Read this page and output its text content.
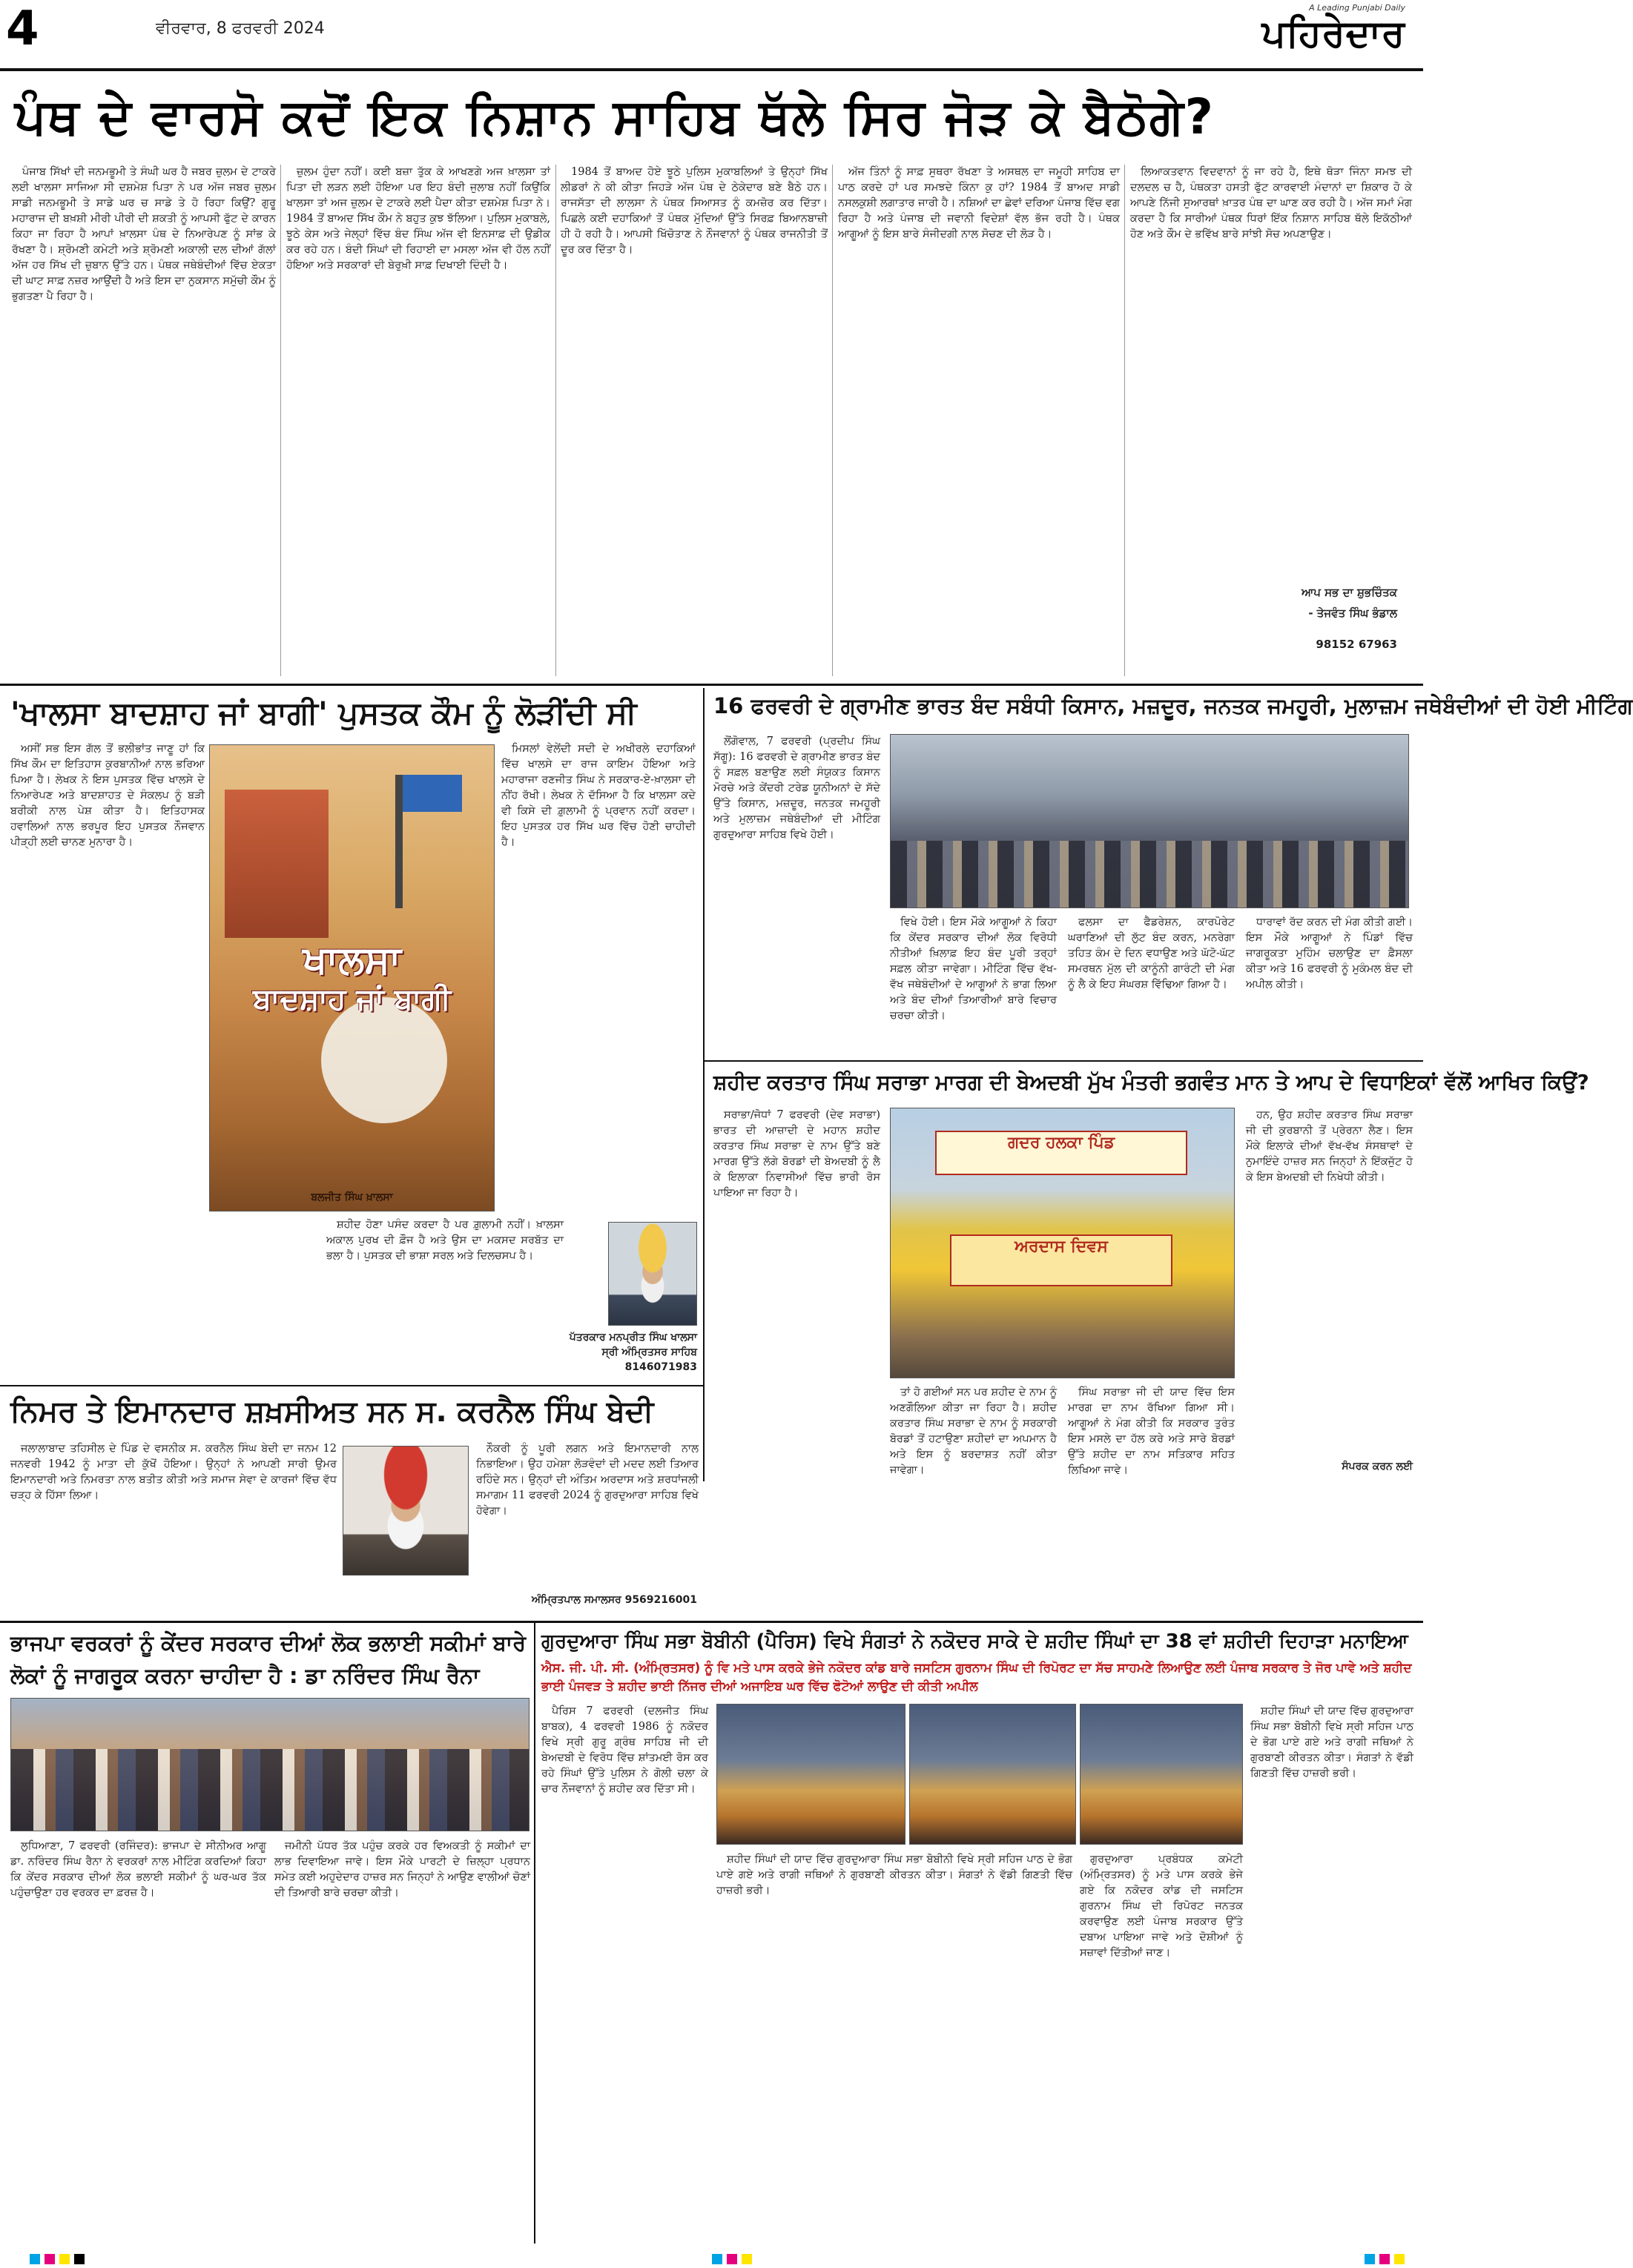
4	ਵੀਰਵਾਰ, 8 ਫਰਵਰੀ 2024
A Leading Punjabi Daily
ਪਹਿਰੇਦਾਰ
ਪੰਥ ਦੇ ਵਾਰਸੋ ਕਦੋਂ ਇਕ ਨਿਸ਼ਾਨ ਸਾਹਿਬ ਥੱਲੇ ਸਿਰ ਜੋੜ ਕੇ ਬੈਠੋਗੇ?

ਪੰਜਾਬ ਸਿੱਖਾਂ ਦੀ ਜਨਮਭੂਮੀ ਤੇ ਸੰਘੀ ਘਰ ਹੈ ਜਬਰ ਜ਼ੁਲਮ ਦੇ ਟਾਕਰੇ ਲਈ ਖਾਲਸਾ ਸਾਜਿਆ ਸੀ ਦਸ਼ਮੇਸ਼ ਪਿਤਾ ਨੇ ਪਰ ਅੱਜ ਜਬਰ ਜ਼ੁਲਮ ਸਾਡੀ ਜਨਮਭੂਮੀ ਤੇ ਸਾਡੇ ਘਰ ਚ ਸਾਡੇ ਤੇ ਹੋ ਰਿਹਾ ਕਿਉਂ? ਗੁਰੂ ਮਹਾਰਾਜ ਦੀ ਬਖ਼ਸ਼ੀ ਮੀਰੀ ਪੀਰੀ ਦੀ ਸ਼ਕਤੀ ਨੂੰ ਆਪਸੀ ਫੁੱਟ ਦੇ ਕਾਰਨ ਕਿਹਾ ਜਾ ਰਿਹਾ ਹੈ ਆਪਾਂ ਖ਼ਾਲਸਾ ਪੰਥ ਦੇ ਨਿਆਰੇਪਣ ਨੂੰ ਸਾਂਭ ਕੇ ਰੱਖਣਾ ਹੈ। ਸ਼੍ਰੋਮਣੀ ਕਮੇਟੀ ਅਤੇ ਸ਼੍ਰੋਮਣੀ ਅਕਾਲੀ ਦਲ ਦੀਆਂ ਗੱਲਾਂ ਅੱਜ ਹਰ ਸਿੱਖ ਦੀ ਜ਼ੁਬਾਨ ਉੱਤੇ ਹਨ। ਪੰਥਕ ਜਥੇਬੰਦੀਆਂ ਵਿੱਚ ਏਕਤਾ ਦੀ ਘਾਟ ਸਾਫ਼ ਨਜ਼ਰ ਆਉਂਦੀ ਹੈ ਅਤੇ ਇਸ ਦਾ ਨੁਕਸਾਨ ਸਮੁੱਚੀ ਕੌਮ ਨੂੰ ਭੁਗਤਣਾ ਪੈ ਰਿਹਾ ਹੈ।

ਜ਼ੁਲਮ ਹੁੰਦਾ ਨਹੀਂ। ਕਈ ਬਜ਼ਾ ਤੁੱਕ ਕੇ ਆਖਣਗੇ ਅਜ ਖ਼ਾਲਸਾ ਤਾਂ ਪਿਤਾ ਦੀ ਲੜਨ ਲਈ ਹੋਇਆ ਪਰ ਇਹ ਬੰਦੀ ਜੁਲਾਬ ਨਹੀਂ ਕਿਉਂਕਿ ਖਾਲਸਾ ਤਾਂ ਅਜ ਜ਼ੁਲਮ ਦੇ ਟਾਕਰੇ ਲਈ ਪੈਦਾ ਕੀਤਾ ਦਸ਼ਮੇਸ਼ ਪਿਤਾ ਨੇ। 1984 ਤੋਂ ਬਾਅਦ ਸਿੱਖ ਕੌਮ ਨੇ ਬਹੁਤ ਕੁਝ ਝੱਲਿਆ। ਪੁਲਿਸ ਮੁਕਾਬਲੇ, ਝੂਠੇ ਕੇਸ ਅਤੇ ਜੇਲ੍ਹਾਂ ਵਿੱਚ ਬੰਦ ਸਿੰਘ ਅੱਜ ਵੀ ਇਨਸਾਫ਼ ਦੀ ਉਡੀਕ ਕਰ ਰਹੇ ਹਨ। ਬੰਦੀ ਸਿੰਘਾਂ ਦੀ ਰਿਹਾਈ ਦਾ ਮਸਲਾ ਅੱਜ ਵੀ ਹੱਲ ਨਹੀਂ ਹੋਇਆ ਅਤੇ ਸਰਕਾਰਾਂ ਦੀ ਬੇਰੁਖ਼ੀ ਸਾਫ਼ ਦਿਖਾਈ ਦਿੰਦੀ ਹੈ।

1984 ਤੋਂ ਬਾਅਦ ਹੋਏ ਝੂਠੇ ਪੁਲਿਸ ਮੁਕਾਬਲਿਆਂ ਤੇ ਉਨ੍ਹਾਂ ਸਿੱਖ ਲੀਡਰਾਂ ਨੇ ਕੀ ਕੀਤਾ ਜਿਹੜੇ ਅੱਜ ਪੰਥ ਦੇ ਠੇਕੇਦਾਰ ਬਣੇ ਬੈਠੇ ਹਨ। ਰਾਜਸੱਤਾ ਦੀ ਲਾਲਸਾ ਨੇ ਪੰਥਕ ਸਿਆਸਤ ਨੂੰ ਕਮਜ਼ੋਰ ਕਰ ਦਿੱਤਾ। ਪਿਛਲੇ ਕਈ ਦਹਾਕਿਆਂ ਤੋਂ ਪੰਥਕ ਮੁੱਦਿਆਂ ਉੱਤੇ ਸਿਰਫ਼ ਬਿਆਨਬਾਜ਼ੀ ਹੀ ਹੋ ਰਹੀ ਹੈ। ਆਪਸੀ ਖਿੱਚੋਤਾਣ ਨੇ ਨੌਜਵਾਨਾਂ ਨੂੰ ਪੰਥਕ ਰਾਜਨੀਤੀ ਤੋਂ ਦੂਰ ਕਰ ਦਿੱਤਾ ਹੈ।

ਅੱਜ ਤਿੰਨਾਂ ਨੂੰ ਸਾਫ਼ ਸੁਥਰਾ ਰੱਖਣਾ ਤੇ ਅਸਥਲ ਦਾ ਜਮੂਹੀ ਸਾਹਿਬ ਦਾ ਪਾਠ ਕਰਦੇ ਹਾਂ ਪਰ ਸਮਝਦੇ ਕਿੰਨਾ ਕੁ ਹਾਂ? 1984 ਤੋਂ ਬਾਅਦ ਸਾਡੀ ਨਸਲਕੁਸ਼ੀ ਲਗਾਤਾਰ ਜਾਰੀ ਹੈ। ਨਸ਼ਿਆਂ ਦਾ ਛੇਵਾਂ ਦਰਿਆ ਪੰਜਾਬ ਵਿੱਚ ਵਗ ਰਿਹਾ ਹੈ ਅਤੇ ਪੰਜਾਬ ਦੀ ਜਵਾਨੀ ਵਿਦੇਸ਼ਾਂ ਵੱਲ ਭੱਜ ਰਹੀ ਹੈ। ਪੰਥਕ ਆਗੂਆਂ ਨੂੰ ਇਸ ਬਾਰੇ ਸੰਜੀਦਗੀ ਨਾਲ ਸੋਚਣ ਦੀ ਲੋੜ ਹੈ।

ਲਿਆਕਤਵਾਨ ਵਿਦਵਾਨਾਂ ਨੂੰ ਜਾ ਰਹੇ ਹੈ, ਇਥੇ ਥੋੜਾ ਜਿੰਨਾ ਸਮਝ ਦੀ ਦਲਦਲ ਚ ਹੈ, ਪੰਥਕਤਾ ਹਸਤੀ ਫੁੱਟ ਕਾਰਵਾਈ ਮੰਦਾਨਾਂ ਦਾ ਸ਼ਿਕਾਰ ਹੋ ਕੇ ਆਪਣੇ ਨਿੱਜੀ ਸੁਆਰਥਾਂ ਖ਼ਾਤਰ ਪੰਥ ਦਾ ਘਾਣ ਕਰ ਰਹੀ ਹੈ। ਅੱਜ ਸਮਾਂ ਮੰਗ ਕਰਦਾ ਹੈ ਕਿ ਸਾਰੀਆਂ ਪੰਥਕ ਧਿਰਾਂ ਇੱਕ ਨਿਸ਼ਾਨ ਸਾਹਿਬ ਥੱਲੇ ਇਕੱਠੀਆਂ ਹੋਣ ਅਤੇ ਕੌਮ ਦੇ ਭਵਿੱਖ ਬਾਰੇ ਸਾਂਝੀ ਸੋਚ ਅਪਣਾਉਣ।

ਆਪ ਸਭ ਦਾ ਸ਼ੁਭਚਿੰਤਕ
- ਤੇਜਵੰਤ ਸਿੰਘ ਭੰਡਾਲ
98152 67963
'ਖਾਲਸਾ ਬਾਦਸ਼ਾਹ ਜਾਂ ਬਾਗੀ' ਪੁਸਤਕ ਕੌਮ ਨੂੰ ਲੋੜੀਂਦੀ ਸੀ

ਅਸੀਂ ਸਭ ਇਸ ਗੱਲ ਤੋਂ ਭਲੀਭਾਂਤ ਜਾਣੂ ਹਾਂ ਕਿ ਸਿੱਖ ਕੌਮ ਦਾ ਇਤਿਹਾਸ ਕੁਰਬਾਨੀਆਂ ਨਾਲ ਭਰਿਆ ਪਿਆ ਹੈ। ਲੇਖਕ ਨੇ ਇਸ ਪੁਸਤਕ ਵਿੱਚ ਖਾਲਸੇ ਦੇ ਨਿਆਰੇਪਣ ਅਤੇ ਬਾਦਸ਼ਾਹਤ ਦੇ ਸੰਕਲਪ ਨੂੰ ਬੜੀ ਬਰੀਕੀ ਨਾਲ ਪੇਸ਼ ਕੀਤਾ ਹੈ। ਇਤਿਹਾਸਕ ਹਵਾਲਿਆਂ ਨਾਲ ਭਰਪੂਰ ਇਹ ਪੁਸਤਕ ਨੌਜਵਾਨ ਪੀੜ੍ਹੀ ਲਈ ਚਾਨਣ ਮੁਨਾਰਾ ਹੈ।

ਖਾਲਸਾ
ਬਾਦਸ਼ਾਹ ਜਾਂ ਬਾਗੀ
ਬਲਜੀਤ ਸਿੰਘ ਖ਼ਾਲਸਾ

ਮਿਸਲਾਂ ਵੇਲੇਂਦੀ ਸਦੀ ਦੇ ਅਖੀਰਲੇ ਦਹਾਕਿਆਂ ਵਿੱਚ ਖਾਲਸੇ ਦਾ ਰਾਜ ਕਾਇਮ ਹੋਇਆ ਅਤੇ ਮਹਾਰਾਜਾ ਰਣਜੀਤ ਸਿੰਘ ਨੇ ਸਰਕਾਰ-ਏ-ਖ਼ਾਲਸਾ ਦੀ ਨੀਂਹ ਰੱਖੀ। ਲੇਖਕ ਨੇ ਦੱਸਿਆ ਹੈ ਕਿ ਖਾਲਸਾ ਕਦੇ ਵੀ ਕਿਸੇ ਦੀ ਗ਼ੁਲਾਮੀ ਨੂੰ ਪ੍ਰਵਾਨ ਨਹੀਂ ਕਰਦਾ। ਇਹ ਪੁਸਤਕ ਹਰ ਸਿੱਖ ਘਰ ਵਿੱਚ ਹੋਣੀ ਚਾਹੀਦੀ ਹੈ।

ਸ਼ਹੀਦ ਹੋਣਾ ਪਸੰਦ ਕਰਦਾ ਹੈ ਪਰ ਗ਼ੁਲਾਮੀ ਨਹੀਂ। ਖ਼ਾਲਸਾ ਅਕਾਲ ਪੁਰਖ ਦੀ ਫ਼ੌਜ ਹੈ ਅਤੇ ਉਸ ਦਾ ਮਕਸਦ ਸਰਬੱਤ ਦਾ ਭਲਾ ਹੈ। ਪੁਸਤਕ ਦੀ ਭਾਸ਼ਾ ਸਰਲ ਅਤੇ ਦਿਲਚਸਪ ਹੈ।

ਪੱਤਰਕਾਰ ਮਨਪ੍ਰੀਤ ਸਿੰਘ ਖਾਲਸਾ
ਸ੍ਰੀ ਅੰਮ੍ਰਿਤਸਰ ਸਾਹਿਬ
8146071983
16 ਫਰਵਰੀ ਦੇ ਗ੍ਰਾਮੀਣ ਭਾਰਤ ਬੰਦ ਸਬੰਧੀ ਕਿਸਾਨ, ਮਜ਼ਦੂਰ, ਜਨਤਕ ਜਮਹੂਰੀ, ਮੁਲਾਜ਼ਮ ਜਥੇਬੰਦੀਆਂ ਦੀ ਹੋਈ ਮੀਟਿੰਗ

ਲੋਂਗੋਵਾਲ, 7 ਫਰਵਰੀ (ਪ੍ਰਦੀਪ ਸਿੰਘ ਸੱਗੂ): 16 ਫਰਵਰੀ ਦੇ ਗ੍ਰਾਮੀਣ ਭਾਰਤ ਬੰਦ ਨੂੰ ਸਫ਼ਲ ਬਣਾਉਣ ਲਈ ਸੰਯੁਕਤ ਕਿਸਾਨ ਮੋਰਚੇ ਅਤੇ ਕੇਂਦਰੀ ਟਰੇਡ ਯੂਨੀਅਨਾਂ ਦੇ ਸੱਦੇ ਉੱਤੇ ਕਿਸਾਨ, ਮਜ਼ਦੂਰ, ਜਨਤਕ ਜਮਹੂਰੀ ਅਤੇ ਮੁਲਾਜ਼ਮ ਜਥੇਬੰਦੀਆਂ ਦੀ ਮੀਟਿੰਗ ਗੁਰਦੁਆਰਾ ਸਾਹਿਬ ਵਿਖੇ ਹੋਈ।

ਵਿਖੇ ਹੋਈ। ਇਸ ਮੌਕੇ ਆਗੂਆਂ ਨੇ ਕਿਹਾ ਕਿ ਕੇਂਦਰ ਸਰਕਾਰ ਦੀਆਂ ਲੋਕ ਵਿਰੋਧੀ ਨੀਤੀਆਂ ਖ਼ਿਲਾਫ਼ ਇਹ ਬੰਦ ਪੂਰੀ ਤਰ੍ਹਾਂ ਸਫ਼ਲ ਕੀਤਾ ਜਾਵੇਗਾ। ਮੀਟਿੰਗ ਵਿੱਚ ਵੱਖ-ਵੱਖ ਜਥੇਬੰਦੀਆਂ ਦੇ ਆਗੂਆਂ ਨੇ ਭਾਗ ਲਿਆ ਅਤੇ ਬੰਦ ਦੀਆਂ ਤਿਆਰੀਆਂ ਬਾਰੇ ਵਿਚਾਰ ਚਰਚਾ ਕੀਤੀ।

ਫਲਸਾ ਦਾ ਫੈਡਰੇਸ਼ਨ, ਕਾਰਪੋਰੇਟ ਘਰਾਣਿਆਂ ਦੀ ਲੁੱਟ ਬੰਦ ਕਰਨ, ਮਨਰੇਗਾ ਤਹਿਤ ਕੰਮ ਦੇ ਦਿਨ ਵਧਾਉਣ ਅਤੇ ਘੱਟੋ-ਘੱਟ ਸਮਰਥਨ ਮੁੱਲ ਦੀ ਕਾਨੂੰਨੀ ਗਾਰੰਟੀ ਦੀ ਮੰਗ ਨੂੰ ਲੈ ਕੇ ਇਹ ਸੰਘਰਸ਼ ਵਿੱਢਿਆ ਗਿਆ ਹੈ।

ਧਾਰਾਵਾਂ ਰੱਦ ਕਰਨ ਦੀ ਮੰਗ ਕੀਤੀ ਗਈ। ਇਸ ਮੌਕੇ ਆਗੂਆਂ ਨੇ ਪਿੰਡਾਂ ਵਿੱਚ ਜਾਗਰੂਕਤਾ ਮੁਹਿੰਮ ਚਲਾਉਣ ਦਾ ਫ਼ੈਸਲਾ ਕੀਤਾ ਅਤੇ 16 ਫਰਵਰੀ ਨੂੰ ਮੁਕੰਮਲ ਬੰਦ ਦੀ ਅਪੀਲ ਕੀਤੀ।

ਸ਼ਹੀਦ ਕਰਤਾਰ ਸਿੰਘ ਸਰਾਭਾ ਮਾਰਗ ਦੀ ਬੇਅਦਬੀ ਮੁੱਖ ਮੰਤਰੀ ਭਗਵੰਤ ਮਾਨ ਤੇ ਆਪ ਦੇ ਵਿਧਾਇਕਾਂ ਵੱਲੋਂ ਆਖਿਰ ਕਿਉਂ?

ਸਰਾਭਾ/ਜੋਧਾਂ 7 ਫਰਵਰੀ (ਦੇਵ ਸਰਾਭਾ) ਭਾਰਤ ਦੀ ਆਜ਼ਾਦੀ ਦੇ ਮਹਾਨ ਸ਼ਹੀਦ ਕਰਤਾਰ ਸਿੰਘ ਸਰਾਭਾ ਦੇ ਨਾਮ ਉੱਤੇ ਬਣੇ ਮਾਰਗ ਉੱਤੇ ਲੱਗੇ ਬੋਰਡਾਂ ਦੀ ਬੇਅਦਬੀ ਨੂੰ ਲੈ ਕੇ ਇਲਾਕਾ ਨਿਵਾਸੀਆਂ ਵਿੱਚ ਭਾਰੀ ਰੋਸ ਪਾਇਆ ਜਾ ਰਿਹਾ ਹੈ।

ਗਦਰ ਹਲਕਾ ਪਿੰਡ
ਅਰਦਾਸ ਦਿਵਸ

ਤਾਂ ਹੋ ਗਈਆਂ ਸਨ ਪਰ ਸ਼ਹੀਦ ਦੇ ਨਾਮ ਨੂੰ ਅਣਗੌਲਿਆ ਕੀਤਾ ਜਾ ਰਿਹਾ ਹੈ। ਸ਼ਹੀਦ ਕਰਤਾਰ ਸਿੰਘ ਸਰਾਭਾ ਦੇ ਨਾਮ ਨੂੰ ਸਰਕਾਰੀ ਬੋਰਡਾਂ ਤੋਂ ਹਟਾਉਣਾ ਸ਼ਹੀਦਾਂ ਦਾ ਅਪਮਾਨ ਹੈ ਅਤੇ ਇਸ ਨੂੰ ਬਰਦਾਸ਼ਤ ਨਹੀਂ ਕੀਤਾ ਜਾਵੇਗਾ।

ਸਿੰਘ ਸਰਾਭਾ ਜੀ ਦੀ ਯਾਦ ਵਿੱਚ ਇਸ ਮਾਰਗ ਦਾ ਨਾਮ ਰੱਖਿਆ ਗਿਆ ਸੀ। ਆਗੂਆਂ ਨੇ ਮੰਗ ਕੀਤੀ ਕਿ ਸਰਕਾਰ ਤੁਰੰਤ ਇਸ ਮਸਲੇ ਦਾ ਹੱਲ ਕਰੇ ਅਤੇ ਸਾਰੇ ਬੋਰਡਾਂ ਉੱਤੇ ਸ਼ਹੀਦ ਦਾ ਨਾਮ ਸਤਿਕਾਰ ਸਹਿਤ ਲਿਖਿਆ ਜਾਵੇ।

ਹਨ, ਉਹ ਸ਼ਹੀਦ ਕਰਤਾਰ ਸਿੰਘ ਸਰਾਭਾ ਜੀ ਦੀ ਕੁਰਬਾਨੀ ਤੋਂ ਪ੍ਰੇਰਨਾ ਲੈਣ। ਇਸ ਮੌਕੇ ਇਲਾਕੇ ਦੀਆਂ ਵੱਖ-ਵੱਖ ਸੰਸਥਾਵਾਂ ਦੇ ਨੁਮਾਇੰਦੇ ਹਾਜ਼ਰ ਸਨ ਜਿਨ੍ਹਾਂ ਨੇ ਇੱਕਜੁੱਟ ਹੋ ਕੇ ਇਸ ਬੇਅਦਬੀ ਦੀ ਨਿਖੇਧੀ ਕੀਤੀ।

ਸੰਪਰਕ ਕਰਨ ਲਈ
ਨਿਮਰ ਤੇ ਇਮਾਨਦਾਰ ਸ਼ਖ਼ਸੀਅਤ ਸਨ ਸ. ਕਰਨੈਲ ਸਿੰਘ ਬੇਦੀ

ਜਲਾਲਾਬਾਦ ਤਹਿਸੀਲ ਦੇ ਪਿੰਡ ਦੇ ਵਸਨੀਕ ਸ. ਕਰਨੈਲ ਸਿੰਘ ਬੇਦੀ ਦਾ ਜਨਮ 12 ਜਨਵਰੀ 1942 ਨੂੰ ਮਾਤਾ ਦੀ ਕੁੱਖੋਂ ਹੋਇਆ। ਉਨ੍ਹਾਂ ਨੇ ਆਪਣੀ ਸਾਰੀ ਉਮਰ ਇਮਾਨਦਾਰੀ ਅਤੇ ਨਿਮਰਤਾ ਨਾਲ ਬਤੀਤ ਕੀਤੀ ਅਤੇ ਸਮਾਜ ਸੇਵਾ ਦੇ ਕਾਰਜਾਂ ਵਿੱਚ ਵੱਧ ਚੜ੍ਹ ਕੇ ਹਿੱਸਾ ਲਿਆ।

ਨੌਕਰੀ ਨੂੰ ਪੂਰੀ ਲਗਨ ਅਤੇ ਇਮਾਨਦਾਰੀ ਨਾਲ ਨਿਭਾਇਆ। ਉਹ ਹਮੇਸ਼ਾ ਲੋੜਵੰਦਾਂ ਦੀ ਮਦਦ ਲਈ ਤਿਆਰ ਰਹਿੰਦੇ ਸਨ। ਉਨ੍ਹਾਂ ਦੀ ਅੰਤਿਮ ਅਰਦਾਸ ਅਤੇ ਸ਼ਰਧਾਂਜਲੀ ਸਮਾਗਮ 11 ਫਰਵਰੀ 2024 ਨੂੰ ਗੁਰਦੁਆਰਾ ਸਾਹਿਬ ਵਿਖੇ ਹੋਵੇਗਾ।

ਅੰਮ੍ਰਿਤਪਾਲ ਸਮਾਲਸਰ 9569216001
ਭਾਜਪਾ ਵਰਕਰਾਂ ਨੂੰ ਕੇਂਦਰ ਸਰਕਾਰ ਦੀਆਂ ਲੋਕ ਭਲਾਈ ਸਕੀਮਾਂ ਬਾਰੇ ਲੋਕਾਂ ਨੂੰ ਜਾਗਰੂਕ ਕਰਨਾ ਚਾਹੀਦਾ ਹੈ : ਡਾ ਨਰਿੰਦਰ ਸਿੰਘ ਰੈਨਾ

ਲੁਧਿਆਣਾ, 7 ਫਰਵਰੀ (ਰਜਿੰਦਰ): ਭਾਜਪਾ ਦੇ ਸੀਨੀਅਰ ਆਗੂ ਡਾ. ਨਰਿੰਦਰ ਸਿੰਘ ਰੈਨਾ ਨੇ ਵਰਕਰਾਂ ਨਾਲ ਮੀਟਿੰਗ ਕਰਦਿਆਂ ਕਿਹਾ ਕਿ ਕੇਂਦਰ ਸਰਕਾਰ ਦੀਆਂ ਲੋਕ ਭਲਾਈ ਸਕੀਮਾਂ ਨੂੰ ਘਰ-ਘਰ ਤੱਕ ਪਹੁੰਚਾਉਣਾ ਹਰ ਵਰਕਰ ਦਾ ਫ਼ਰਜ਼ ਹੈ।

ਜਮੀਨੀ ਪੱਧਰ ਤੱਕ ਪਹੁੰਚ ਕਰਕੇ ਹਰ ਵਿਅਕਤੀ ਨੂੰ ਸਕੀਮਾਂ ਦਾ ਲਾਭ ਦਿਵਾਇਆ ਜਾਵੇ। ਇਸ ਮੌਕੇ ਪਾਰਟੀ ਦੇ ਜ਼ਿਲ੍ਹਾ ਪ੍ਰਧਾਨ ਸਮੇਤ ਕਈ ਅਹੁਦੇਦਾਰ ਹਾਜ਼ਰ ਸਨ ਜਿਨ੍ਹਾਂ ਨੇ ਆਉਣ ਵਾਲੀਆਂ ਚੋਣਾਂ ਦੀ ਤਿਆਰੀ ਬਾਰੇ ਚਰਚਾ ਕੀਤੀ।

ਗੁਰਦੁਆਰਾ ਸਿੰਘ ਸਭਾ ਬੋਬੀਨੀ (ਪੈਰਿਸ) ਵਿਖੇ ਸੰਗਤਾਂ ਨੇ ਨਕੋਦਰ ਸਾਕੇ ਦੇ ਸ਼ਹੀਦ ਸਿੰਘਾਂ ਦਾ 38 ਵਾਂ ਸ਼ਹੀਦੀ ਦਿਹਾੜਾ ਮਨਾਇਆ
ਐਸ. ਜੀ. ਪੀ. ਸੀ. (ਅੰਮ੍ਰਿਤਸਰ) ਨੂੰ ਵਿ ਮਤੇ ਪਾਸ ਕਰਕੇ ਭੇਜੇ ਨਕੋਦਰ ਕਾਂਡ ਬਾਰੇ ਜਸਟਿਸ ਗੁਰਨਾਮ ਸਿੰਘ ਦੀ ਰਿਪੋਰਟ ਦਾ ਸੱਚ ਸਾਹਮਣੇ ਲਿਆਉਣ ਲਈ ਪੰਜਾਬ ਸਰਕਾਰ ਤੇ ਜੋਰ ਪਾਵੇ ਅਤੇ ਸ਼ਹੀਦ ਭਾਈ ਪੰਜਵੜ ਤੇ ਸ਼ਹੀਦ ਭਾਈ ਨਿੱਜਰ ਦੀਆਂ ਅਜਾਇਬ ਘਰ ਵਿੱਚ ਫੋਟੋਆਂ ਲਾਉਣ ਦੀ ਕੀਤੀ ਅਪੀਲ

ਪੈਰਿਸ 7 ਫਰਵਰੀ (ਦਲਜੀਤ ਸਿੰਘ ਬਾਬਕ), 4 ਫਰਵਰੀ 1986 ਨੂੰ ਨਕੋਦਰ ਵਿਖੇ ਸ੍ਰੀ ਗੁਰੂ ਗ੍ਰੰਥ ਸਾਹਿਬ ਜੀ ਦੀ ਬੇਅਦਬੀ ਦੇ ਵਿਰੋਧ ਵਿੱਚ ਸ਼ਾਂਤਮਈ ਰੋਸ ਕਰ ਰਹੇ ਸਿੰਘਾਂ ਉੱਤੇ ਪੁਲਿਸ ਨੇ ਗੋਲੀ ਚਲਾ ਕੇ ਚਾਰ ਨੌਜਵਾਨਾਂ ਨੂੰ ਸ਼ਹੀਦ ਕਰ ਦਿੱਤਾ ਸੀ।

ਸ਼ਹੀਦ ਸਿੰਘਾਂ ਦੀ ਯਾਦ ਵਿੱਚ ਗੁਰਦੁਆਰਾ ਸਿੰਘ ਸਭਾ ਬੋਬੀਨੀ ਵਿਖੇ ਸ੍ਰੀ ਸਹਿਜ ਪਾਠ ਦੇ ਭੋਗ ਪਾਏ ਗਏ ਅਤੇ ਰਾਗੀ ਜਥਿਆਂ ਨੇ ਗੁਰਬਾਣੀ ਕੀਰਤਨ ਕੀਤਾ। ਸੰਗਤਾਂ ਨੇ ਵੱਡੀ ਗਿਣਤੀ ਵਿੱਚ ਹਾਜ਼ਰੀ ਭਰੀ।

ਗੁਰਦੁਆਰਾ ਪ੍ਰਬੰਧਕ ਕਮੇਟੀ (ਅੰਮ੍ਰਿਤਸਰ) ਨੂੰ ਮਤੇ ਪਾਸ ਕਰਕੇ ਭੇਜੇ ਗਏ ਕਿ ਨਕੋਦਰ ਕਾਂਡ ਦੀ ਜਸਟਿਸ ਗੁਰਨਾਮ ਸਿੰਘ ਦੀ ਰਿਪੋਰਟ ਜਨਤਕ ਕਰਵਾਉਣ ਲਈ ਪੰਜਾਬ ਸਰਕਾਰ ਉੱਤੇ ਦਬਾਅ ਪਾਇਆ ਜਾਵੇ ਅਤੇ ਦੋਸ਼ੀਆਂ ਨੂੰ ਸਜ਼ਾਵਾਂ ਦਿੱਤੀਆਂ ਜਾਣ।

ਸ਼ਹੀਦ ਸਿੰਘਾਂ ਦੀ ਯਾਦ ਵਿੱਚ ਗੁਰਦੁਆਰਾ ਸਿੰਘ ਸਭਾ ਬੋਬੀਨੀ ਵਿਖੇ ਸ੍ਰੀ ਸਹਿਜ ਪਾਠ ਦੇ ਭੋਗ ਪਾਏ ਗਏ ਅਤੇ ਰਾਗੀ ਜਥਿਆਂ ਨੇ ਗੁਰਬਾਣੀ ਕੀਰਤਨ ਕੀਤਾ। ਸੰਗਤਾਂ ਨੇ ਵੱਡੀ ਗਿਣਤੀ ਵਿੱਚ ਹਾਜ਼ਰੀ ਭਰੀ।
